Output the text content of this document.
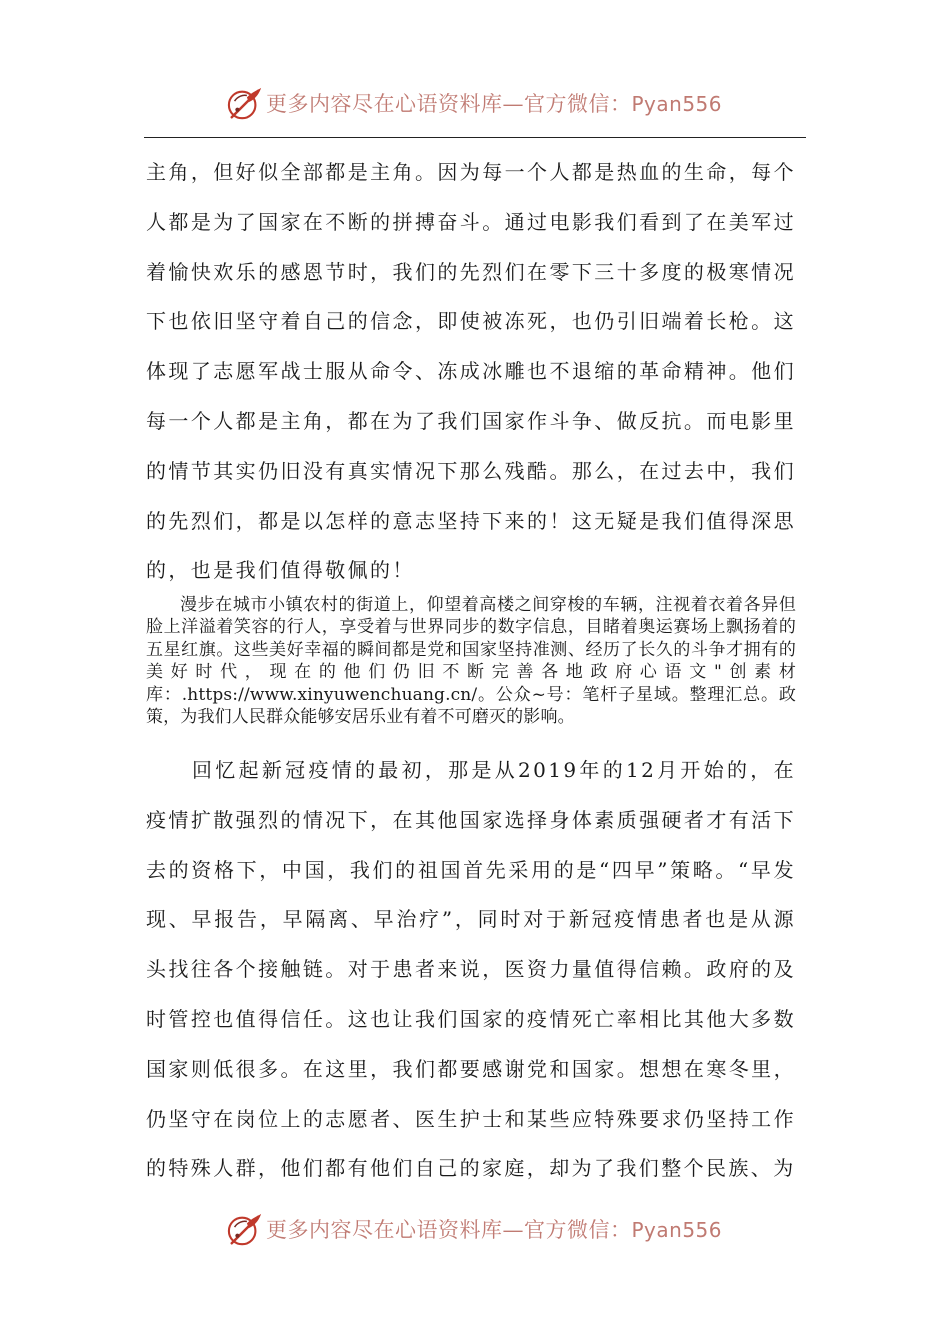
更多内容尽在心语资料库—官方微信：Pyan556

主角，但好似全部都是主角。因为每一个人都是热血的生命，每个人都是为了国家在不断的拼搏奋斗。通过电影我们看到了在美军过着愉快欢乐的感恩节时，我们的先烈们在零下三十多度的极寒情况下也依旧坚守着自己的信念，即使被冻死，也仍引旧端着长枪。这体现了志愿军战士服从命令、冻成冰雕也不退缩的革命精神。他们每一个人都是主角，都在为了我们国家作斗争、做反抗。而电影里的情节其实仍旧没有真实情况下那么残酷。那么，在过去中，我们的先烈们，都是以怎样的意志坚持下来的！这无疑是我们值得深思的，也是我们值得敬佩的！

漫步在城市小镇农村的街道上，仰望着高楼之间穿梭的车辆，注视着衣着各异但脸上洋溢着笑容的行人，享受着与世界同步的数字信息，目睹着奥运赛场上飘扬着的五星红旗。这些美好幸福的瞬间都是党和国家坚持准测、经历了长久的斗争才拥有的美好时代，现在的他们仍旧不断完善各地政府心语文"创素材库：.https://www.xinyuwenchuang.cn/。公众~号：笔杆子星域。整理汇总。政策，为我们人民群众能够安居乐业有着不可磨灭的影响。

回忆起新冠疫情的最初，那是从2019年的12月开始的，在疫情扩散强烈的情况下，在其他国家选择身体素质强硬者才有活下去的资格下，中国，我们的祖国首先采用的是“四早”策略。“早发现、早报告，早隔离、早治疗”，同时对于新冠疫情患者也是从源头找往各个接触链。对于患者来说，医资力量值得信赖。政府的及时管控也值得信任。这也让我们国家的疫情死亡率相比其他大多数国家则低很多。在这里，我们都要感谢党和国家。想想在寒冬里，仍坚守在岗位上的志愿者、医生护士和某些应特殊要求仍坚持工作的特殊人群，他们都有他们自己的家庭，却为了我们整个民族、为

更多内容尽在心语资料库—官方微信：Pyan556
